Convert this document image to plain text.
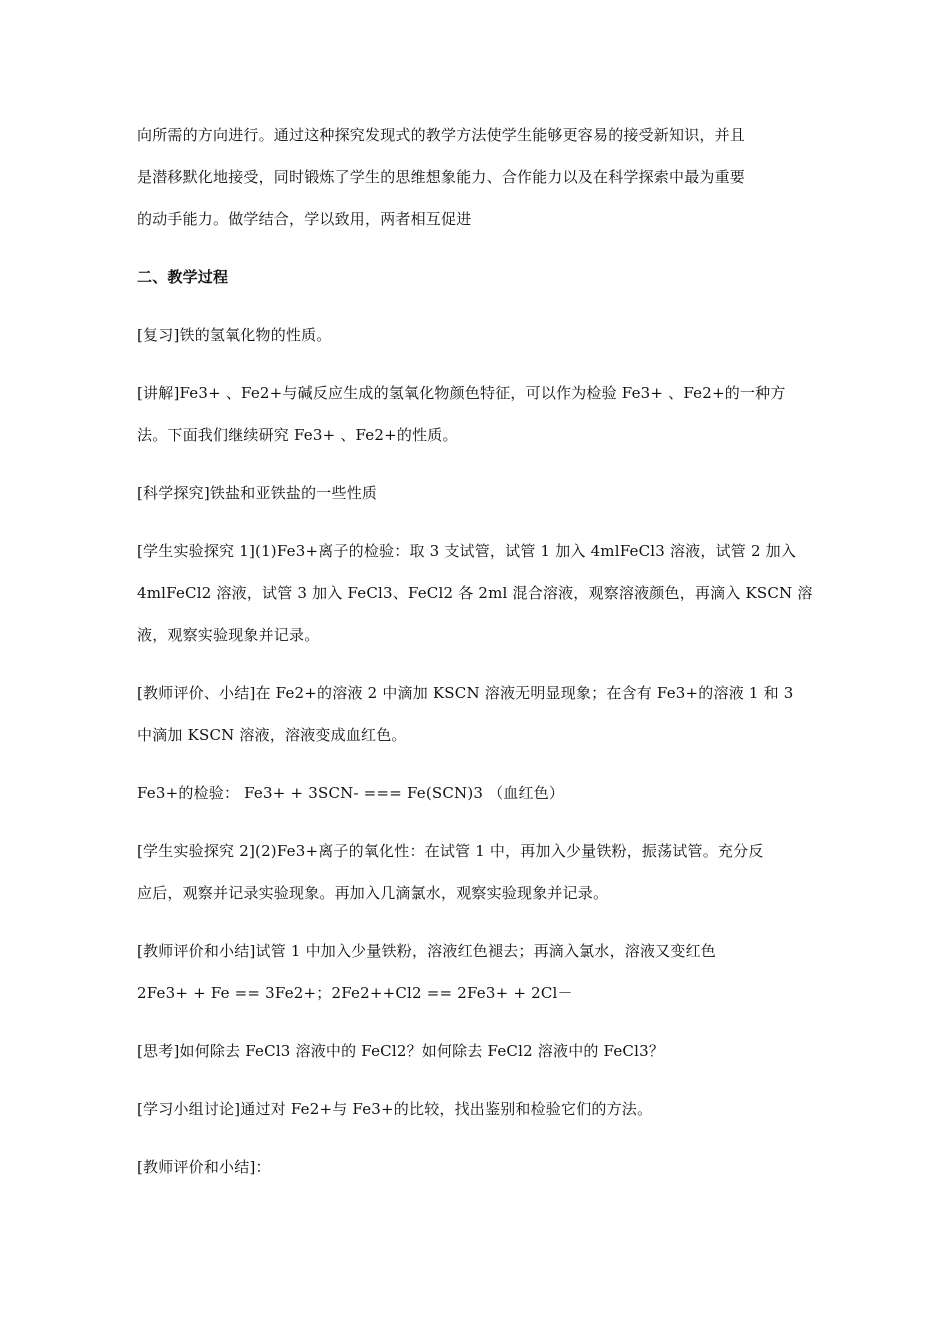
向所需的方向进行。通过这种探究发现式的教学方法使学生能够更容易的接受新知识，并且
是潜移默化地接受，同时锻炼了学生的思维想象能力、合作能力以及在科学探索中最为重要
的动手能力。做学结合，学以致用，两者相互促进
二、教学过程
[复习]铁的氢氧化物的性质。
[讲解]Fe3+ 、Fe2+与碱反应生成的氢氧化物颜色特征，可以作为检验 Fe3+ 、Fe2+的一种方
法。下面我们继续研究 Fe3+ 、Fe2+的性质。
[科学探究]铁盐和亚铁盐的一些性质
[学生实验探究 1](1)Fe3+离子的检验：取 3 支试管，试管 1 加入 4mlFeCl3 溶液，试管 2 加入
4mlFeCl2 溶液，试管 3 加入 FeCl3、FeCl2 各 2ml 混合溶液，观察溶液颜色，再滴入 KSCN 溶
液，观察实验现象并记录。
[教师评价、小结]在 Fe2+的溶液 2 中滴加 KSCN 溶液无明显现象；在含有 Fe3+的溶液 1 和 3
中滴加 KSCN 溶液，溶液变成血红色。
Fe3+的检验： Fe3+ + 3SCN- === Fe(SCN)3 （血红色）
[学生实验探究 2](2)Fe3+离子的氧化性：在试管 1 中，再加入少量铁粉，振荡试管。充分反
应后，观察并记录实验现象。再加入几滴氯水，观察实验现象并记录。
[教师评价和小结]试管 1 中加入少量铁粉，溶液红色褪去；再滴入氯水，溶液又变红色
2Fe3+ + Fe == 3Fe2+；2Fe2++Cl2 == 2Fe3+ + 2Cl－
[思考]如何除去 FeCl3 溶液中的 FeCl2？如何除去 FeCl2 溶液中的 FeCl3？
[学习小组讨论]通过对 Fe2+与 Fe3+的比较，找出鉴别和检验它们的方法。
[教师评价和小结]：
